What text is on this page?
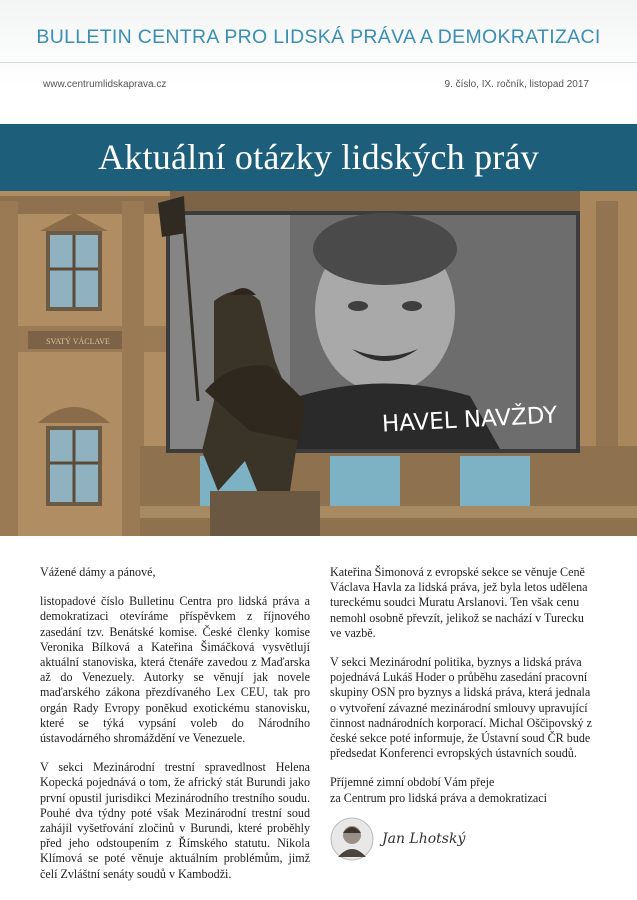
BULLETIN CENTRA PRO LIDSKÁ PRÁVA A DEMOKRATIZACI
www.centrumlidskaprava.cz	9. číslo, IX. ročník, listopad 2017
Aktuální otázky lidských práv
SVATÝ VÁCLAVE
HAVEL NAVŽDY

Vážené dámy a pánové,

listopadové číslo Bulletinu Centra pro lidská práva a demokratizaci otevíráme příspěvkem z říjnového zasedání tzv. Benátské komise. České členky komise Veronika Bílková a Kateřina Šimáčková vysvětlují aktuální stanoviska, která čtenáře zavedou z Maďarska až do Venezuely. Autorky se věnují jak novele maďarského zákona přezdívaného Lex CEU, tak pro orgán Rady Evropy poněkud exotickému stanovisku, které se týká vypsání voleb do Národního ústavodárného shromáždění ve Venezuele.

V sekci Mezinárodní trestní spravedlnost Helena Kopecká pojednává o tom, že africký stát Burundi jako první opustil jurisdikci Mezinárodního trestního soudu. Pouhé dva týdny poté však Mezinárodní trestní soud zahájil vyšetřování zločinů v Burundi, které proběhly před jeho odstoupením z Římského statutu. Nikola Klímová se poté věnuje aktuálním problémům, jimž čelí Zvláštní senáty soudů v Kambodži.

Kateřina Šimonová z evropské sekce se věnuje Ceně Václava Havla za lidská práva, jež byla letos udělena tureckému soudci Muratu Arslanovi. Ten však cenu nemohl osobně převzít, jelikož se nachází v Turecku ve vazbě.

V sekci Mezinárodní politika, byznys a lidská práva pojednává Lukáš Hoder o průběhu zasedání pracovní skupiny OSN pro byznys a lidská práva, která jednala o vytvoření závazné mezinárodní smlouvy upravující činnost nadnárodních korporací. Michal Oščipovský z české sekce poté informuje, že Ústavní soud ČR bude předsedat Konferenci evropských ústavních soudů.

Příjemné zimní období Vám přeje
za Centrum pro lidská práva a demokratizaci

Jan Lhotský
